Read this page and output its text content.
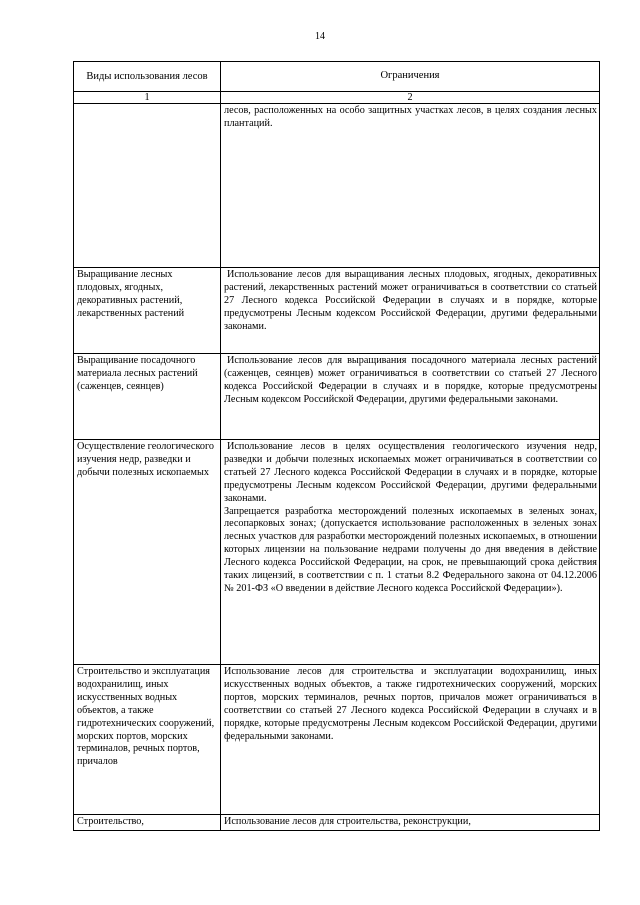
14
Виды использования лесов	Ограничения
1	2

	лесов, расположенных на особо защитных участках лесов, в целях создания лесных плантаций.

Выращивание лесных плодовых, ягодных, декоративных растений, лекарственных растений	Использование лесов для выращивания лесных плодовых, ягодных, декоративных растений, лекарственных растений может ограничиваться в соответствии со статьей 27 Лесного кодекса Российской Федерации в случаях и в порядке, которые предусмотрены Лесным кодексом Российской Федерации, другими федеральными законами.

Выращивание посадочного материала лесных растений (саженцев, сеянцев)	Использование лесов для выращивания посадочного материала лесных растений (саженцев, сеянцев) может ограничиваться в соответствии со статьей 27 Лесного кодекса Российской Федерации в случаях и в порядке, которые предусмотрены Лесным кодексом Российской Федерации, другими федеральными законами.

Осуществление геологического изучения недр, разведки и добычи полезных ископаемых	Использование лесов в целях осуществления геологического изучения недр, разведки и добычи полезных ископаемых может ограничиваться в соответствии со статьей 27 Лесного кодекса Российской Федерации в случаях и в порядке, которые предусмотрены Лесным кодексом Российской Федерации, другими федеральными законами.

Запрещается разработка месторождений полезных ископаемых в зеленых зонах, лесопарковых зонах; (допускается использование расположенных в зеленых зонах лесных участков для разработки месторождений полезных ископаемых, в отношении которых лицензии на пользование недрами получены до дня введения в действие Лесного кодекса Российской Федерации, на срок, не превышающий срока действия таких лицензий, в соответствии с п. 1 статьи 8.2 Федерального закона от 04.12.2006 № 201-ФЗ «О введении в действие Лесного кодекса Российской Федерации»).

Строительство и эксплуатация водохранилищ, иных искусственных водных объектов, а также гидротехнических сооружений, морских портов, морских терминалов, речных портов, причалов	Использование лесов для строительства и эксплуатации водохранилищ, иных искусственных водных объектов, а также гидротехнических сооружений, морских портов, морских терминалов, речных портов, причалов может ограничиваться в соответствии со статьей 27 Лесного кодекса Российской Федерации в случаях и в порядке, которые предусмотрены Лесным кодексом Российской Федерации, другими федеральными законами.

Строительство,	Использование лесов для строительства, реконструкции,
